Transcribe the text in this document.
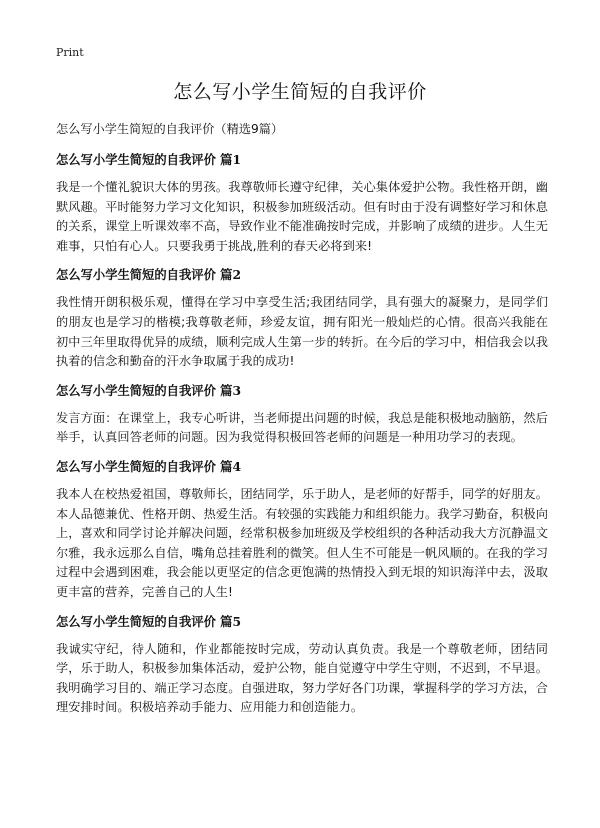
Print
怎么写小学生简短的自我评价

怎么写小学生简短的自我评价（精选9篇）

怎么写小学生简短的自我评价 篇1

我是一个懂礼貌识大体的男孩。我尊敬师长遵守纪律，关心集体爱护公物。我性格开朗，幽默风趣。平时能努力学习文化知识，积极参加班级活动。但有时由于没有调整好学习和休息的关系，课堂上听课效率不高，导致作业不能准确按时完成，并影响了成绩的进步。人生无难事，只怕有心人。只要我勇于挑战,胜利的春天必将到来!

怎么写小学生简短的自我评价 篇2

我性情开朗积极乐观，懂得在学习中享受生活;我团结同学，具有强大的凝聚力，是同学们的朋友也是学习的楷模;我尊敬老师，珍爱友谊，拥有阳光一般灿烂的心情。很高兴我能在初中三年里取得优异的成绩，顺利完成人生第一步的转折。在今后的学习中，相信我会以我执着的信念和勤奋的汗水争取属于我的成功!

怎么写小学生简短的自我评价 篇3

发言方面：在课堂上，我专心听讲，当老师提出问题的时候，我总是能积极地动脑筋，然后举手，认真回答老师的问题。因为我觉得积极回答老师的问题是一种用功学习的表现。

怎么写小学生简短的自我评价 篇4

我本人在校热爱祖国，尊敬师长，团结同学，乐于助人，是老师的好帮手，同学的好朋友。本人品德兼优、性格开朗、热爱生活。有较强的实践能力和组织能力。我学习勤奋，积极向上，喜欢和同学讨论并解决问题，经常积极参加班级及学校组织的各种活动我大方沉静温文尔雅，我永远那么自信，嘴角总挂着胜利的微笑。但人生不可能是一帆风顺的。在我的学习过程中会遇到困难，我会能以更坚定的信念更饱满的热情投入到无垠的知识海洋中去，汲取更丰富的营养，完善自己的人生!

怎么写小学生简短的自我评价 篇5

我诚实守纪，待人随和，作业都能按时完成，劳动认真负责。我是一个尊敬老师，团结同学，乐于助人，积极参加集体活动，爱护公物，能自觉遵守中学生守则，不迟到，不早退。我明确学习目的、端正学习态度。自强进取，努力学好各门功课，掌握科学的学习方法，合理安排时间。积极培养动手能力、应用能力和创造能力。
